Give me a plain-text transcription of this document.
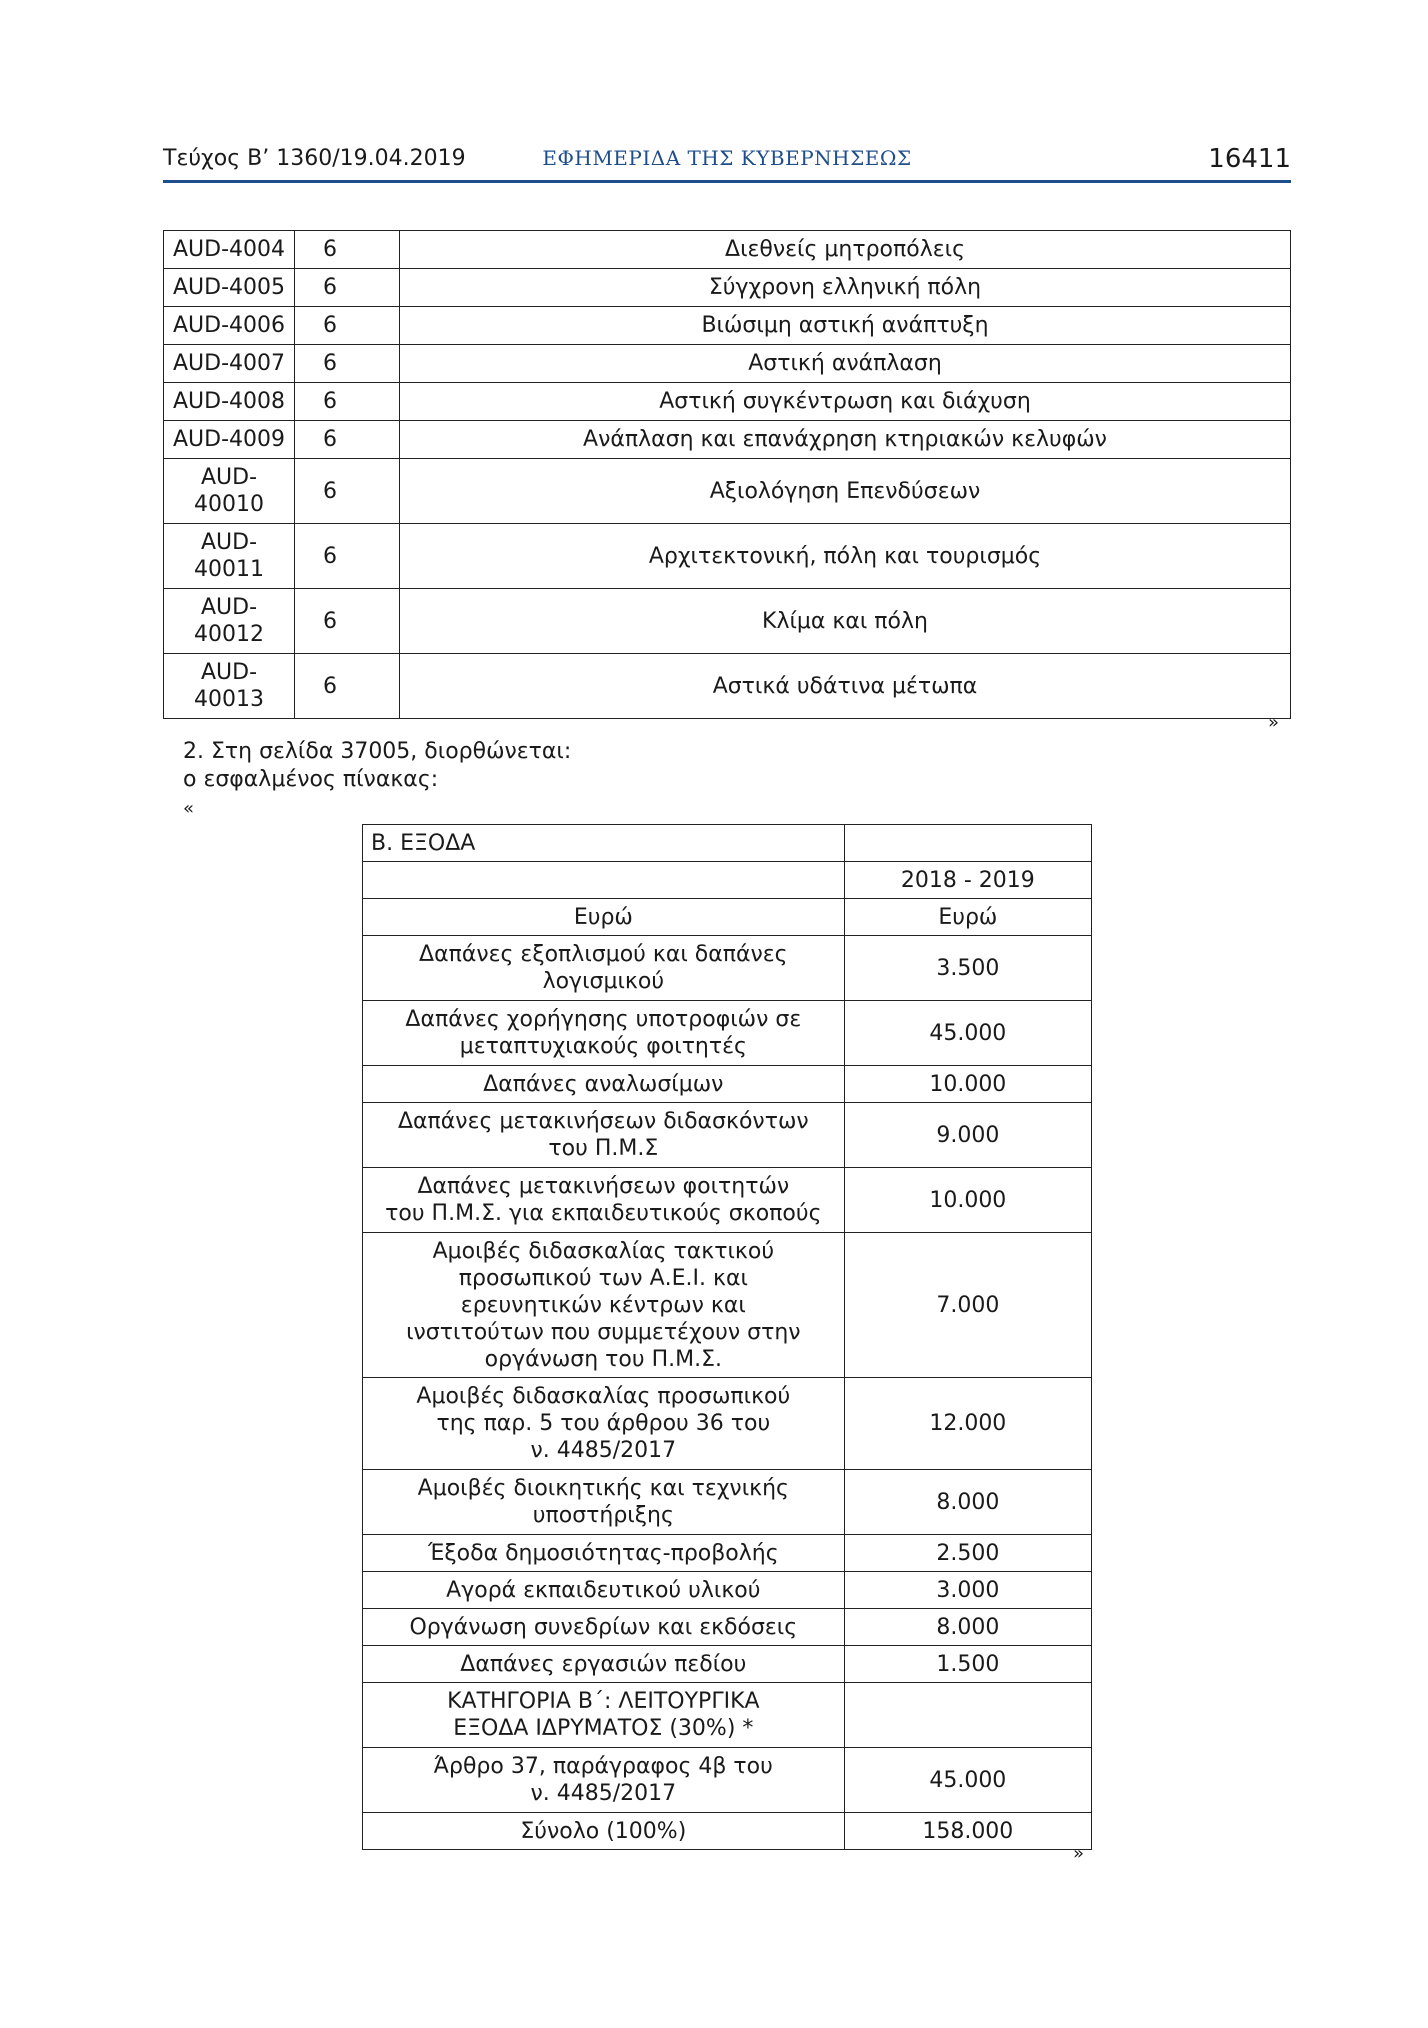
Τεύχος Β’ 1360/19.04.2019	ΕΦΗΜΕΡΙΔΑ ΤΗΣ ΚΥΒΕΡΝΗΣΕΩΣ	16411
AUD-4004	6	Διεθνείς μητροπόλεις
AUD-4005	6	Σύγχρονη ελληνική πόλη
AUD-4006	6	Βιώσιμη αστική ανάπτυξη
AUD-4007	6	Αστική ανάπλαση
AUD-4008	6	Αστική συγκέντρωση και διάχυση
AUD-4009	6	Ανάπλαση και επανάχρηση κτηριακών κελυφών
AUD-
40010	6	Αξιολόγηση Επενδύσεων
AUD-
40011	6	Αρχιτεκτονική, πόλη και τουρισμός
AUD-
40012	6	Κλίμα και πόλη
AUD-
40013	6	Αστικά υδάτινα μέτωπα
»
2. Στη σελίδα 37005, διορθώνεται:
ο εσφαλμένος πίνακας:
«
Β. ΕΞΟΔΑ	
	2018 - 2019
Ευρώ	Ευρώ
Δαπάνες εξοπλισμού και δαπάνες
λογισμικού	3.500
Δαπάνες χορήγησης υποτροφιών σε
μεταπτυχιακούς φοιτητές	45.000
Δαπάνες αναλωσίμων	10.000
Δαπάνες μετακινήσεων διδασκόντων
του Π.Μ.Σ	9.000
Δαπάνες μετακινήσεων φοιτητών
του Π.Μ.Σ. για εκπαιδευτικούς σκοπούς	10.000
Αμοιβές διδασκαλίας τακτικού
προσωπικού των Α.Ε.Ι. και
ερευνητικών κέντρων και
ινστιτούτων που συμμετέχουν στην
οργάνωση του Π.Μ.Σ.	7.000
Αμοιβές διδασκαλίας προσωπικού
της παρ. 5 του άρθρου 36 του
ν. 4485/2017	12.000
Αμοιβές διοικητικής και τεχνικής
υποστήριξης	8.000
Έξοδα δημοσιότητας-προβολής	2.500
Αγορά εκπαιδευτικού υλικού	3.000
Οργάνωση συνεδρίων και εκδόσεις	8.000
Δαπάνες εργασιών πεδίου	1.500
ΚΑΤΗΓΟΡΙΑ Β΄: ΛΕΙΤΟΥΡΓΙΚΑ
ΕΞΟΔΑ ΙΔΡΥΜΑΤΟΣ (30%) *	
Άρθρο 37, παράγραφος 4β του
ν. 4485/2017	45.000
Σύνολο (100%)	158.000
»
